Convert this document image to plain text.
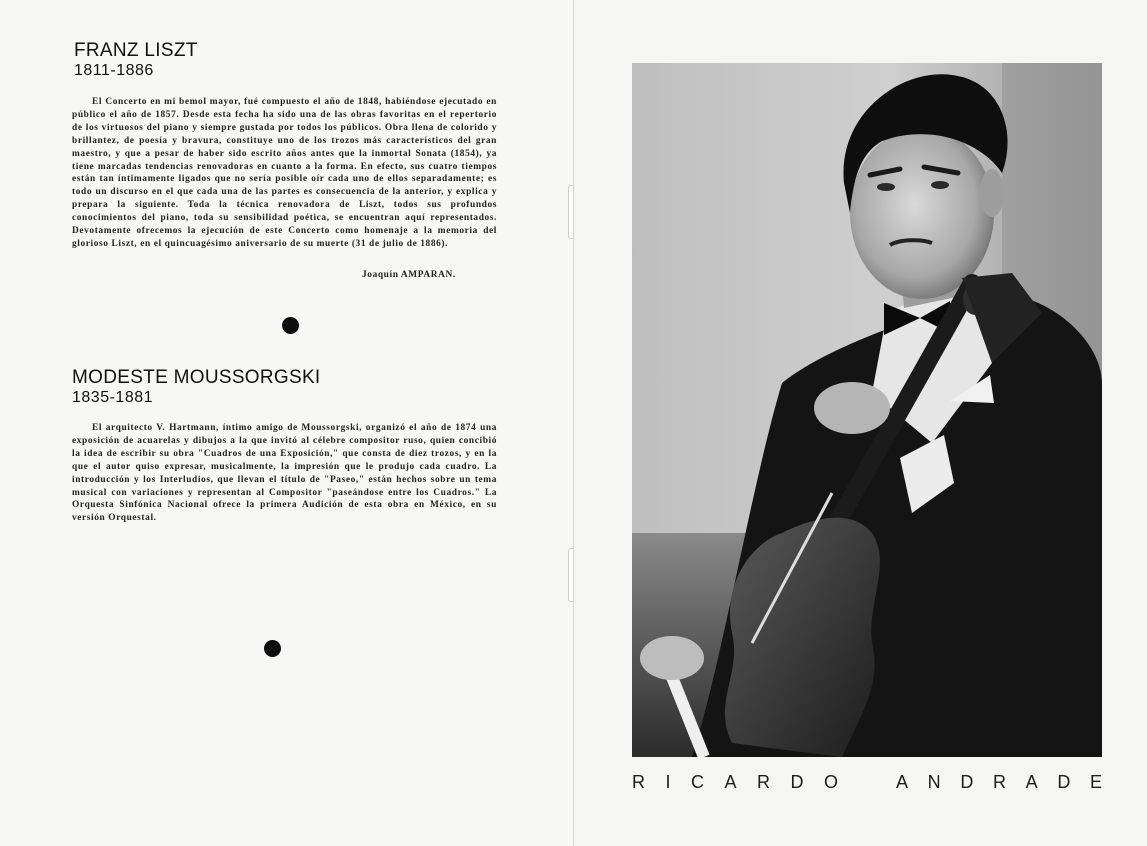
FRANZ LISZT
1811-1886

El Concerto en mi bemol mayor, fué compuesto el año de 1848, habiéndose ejecutado en público el año de 1857. Desde esta fecha ha sido una de las obras favoritas en el repertorio de los virtuosos del piano y siempre gustada por todos los públicos. Obra llena de colorido y brillantez, de poesía y bravura, constituye uno de los trozos más característicos del gran maestro, y que a pesar de haber sido escrito años antes que la inmortal Sonata (1854), ya tiene marcadas tendencias renovadoras en cuanto a la forma. En efecto, sus cuatro tiempos están tan íntimamente ligados que no sería posible oír cada uno de ellos separadamente; es todo un discurso en el que cada una de las partes es consecuencia de la anterior, y explica y prepara la siguiente. Toda la técnica renovadora de Liszt, todos sus profundos conocimientos del piano, toda su sensibilidad poética, se encuentran aquí representados. Devotamente ofrecemos la ejecución de este Concerto como homenaje a la memoria del glorioso Liszt, en el quincuagésimo aniversario de su muerte (31 de julio de 1886).

Joaquín AMPARAN.
MODESTE MOUSSORGSKI
1835-1881

El arquitecto V. Hartmann, íntimo amigo de Moussorgski, organizó el año de 1874 una exposición de acuarelas y dibujos a la que invitó al célebre compositor ruso, quien concibió la idea de escribir su obra "Cuadros de una Exposición," que consta de diez trozos, y en la que el autor quiso expresar, musicalmente, la impresión que le produjo cada cuadro. La introducción y los Interludios, que llevan el título de "Paseo," están hechos sobre un tema musical con variaciones y representan al Compositor "paseándose entre los Cuadros." La Orquesta Sinfónica Nacional ofrece la primera Audición de esta obra en México, en su versión Orquestal.

R I C A R D O	A N D R A D E
